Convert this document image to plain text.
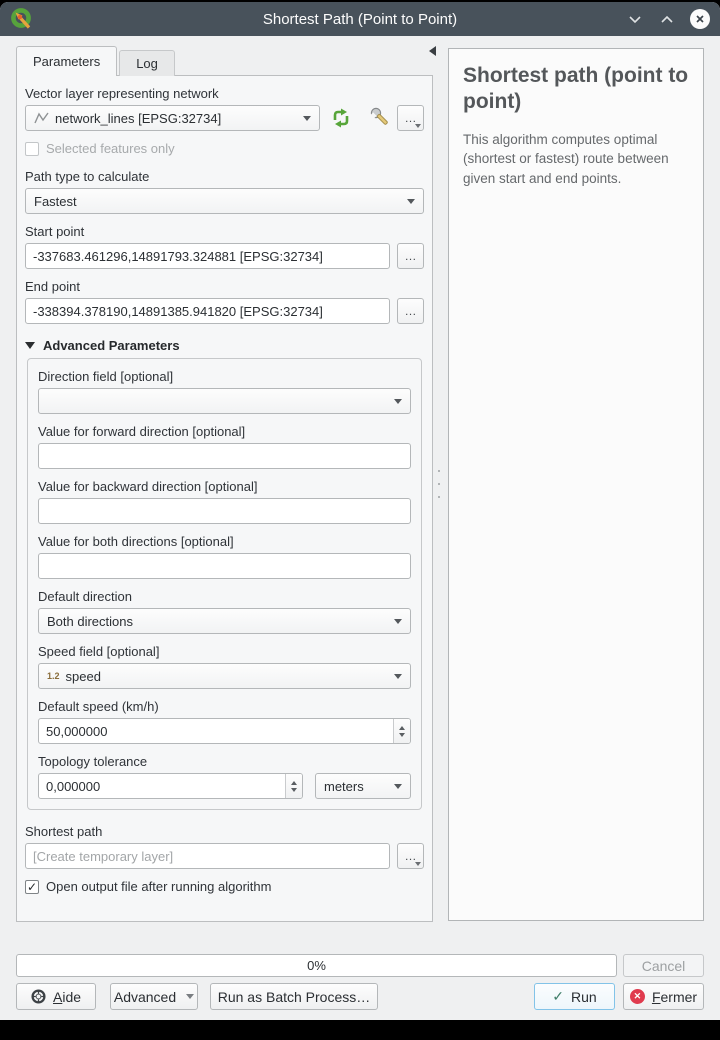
Shortest Path (Point to Point)
Parameters	Log
Vector layer representing network
network_lines [EPSG:32734]	…
Selected features only
Path type to calculate
Fastest
Start point
-337683.461296,14891793.324881 [EPSG:32734]
…
End point
-338394.378190,14891385.941820 [EPSG:32734]
…
Advanced Parameters
Direction field [optional]
Value for forward direction [optional]
Value for backward direction [optional]
Value for both directions [optional]
Default direction
Both directions
Speed field [optional]
1.2 speed
Default speed (km/h)
50,000000
Topology tolerance
0,000000
meters
Shortest path
[Create temporary layer]
…
✓ Open output file after running algorithm
Shortest path (point to point)
This algorithm computes optimal (shortest or fastest) route between given start and end points.
0%	Cancel
Aide Advanced	Run as Batch Process…	✓ Run	✕ Fermer
